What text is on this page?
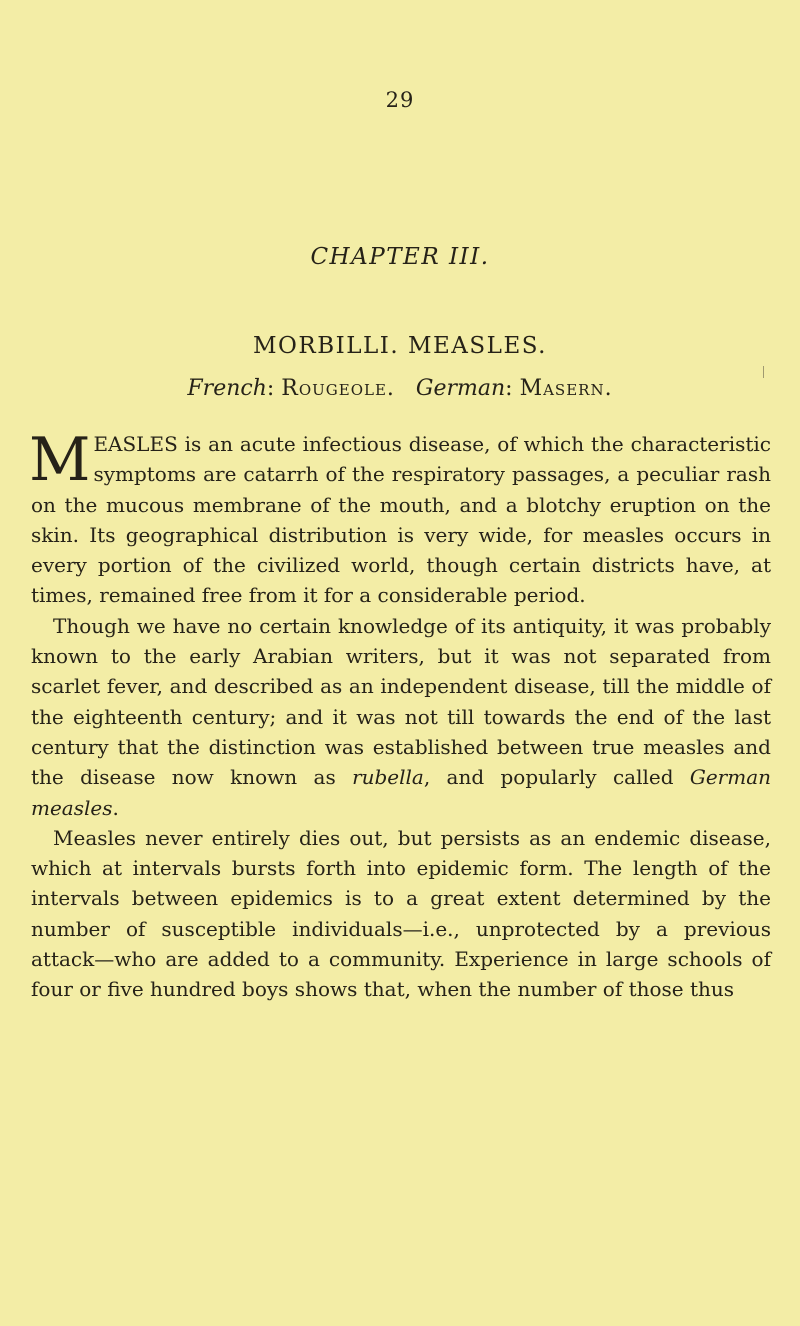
29
CHAPTER III.
MORBILLI. MEASLES.
French: Rougeole. German: Masern.

MEASLES is an acute infectious disease, of which the characteristic symptoms are catarrh of the respiratory passages, a peculiar rash on the mucous membrane of the mouth, and a blotchy eruption on the skin. Its geographical distribution is very wide, for measles occurs in every portion of the civilized world, though certain districts have, at times, remained free from it for a considerable period.

Though we have no certain knowledge of its antiquity, it was probably known to the early Arabian writers, but it was not separated from scarlet fever, and described as an independent disease, till the middle of the eighteenth century; and it was not till towards the end of the last century that the distinction was established between true measles and the disease now known as rubella, and popularly called German measles.

Measles never entirely dies out, but persists as an endemic disease, which at intervals bursts forth into epidemic form. The length of the intervals between epidemics is to a great extent determined by the number of susceptible individuals—i.e., unprotected by a previous attack—who are added to a community. Experience in large schools of four or five hundred boys shows that, when the number of those thus
